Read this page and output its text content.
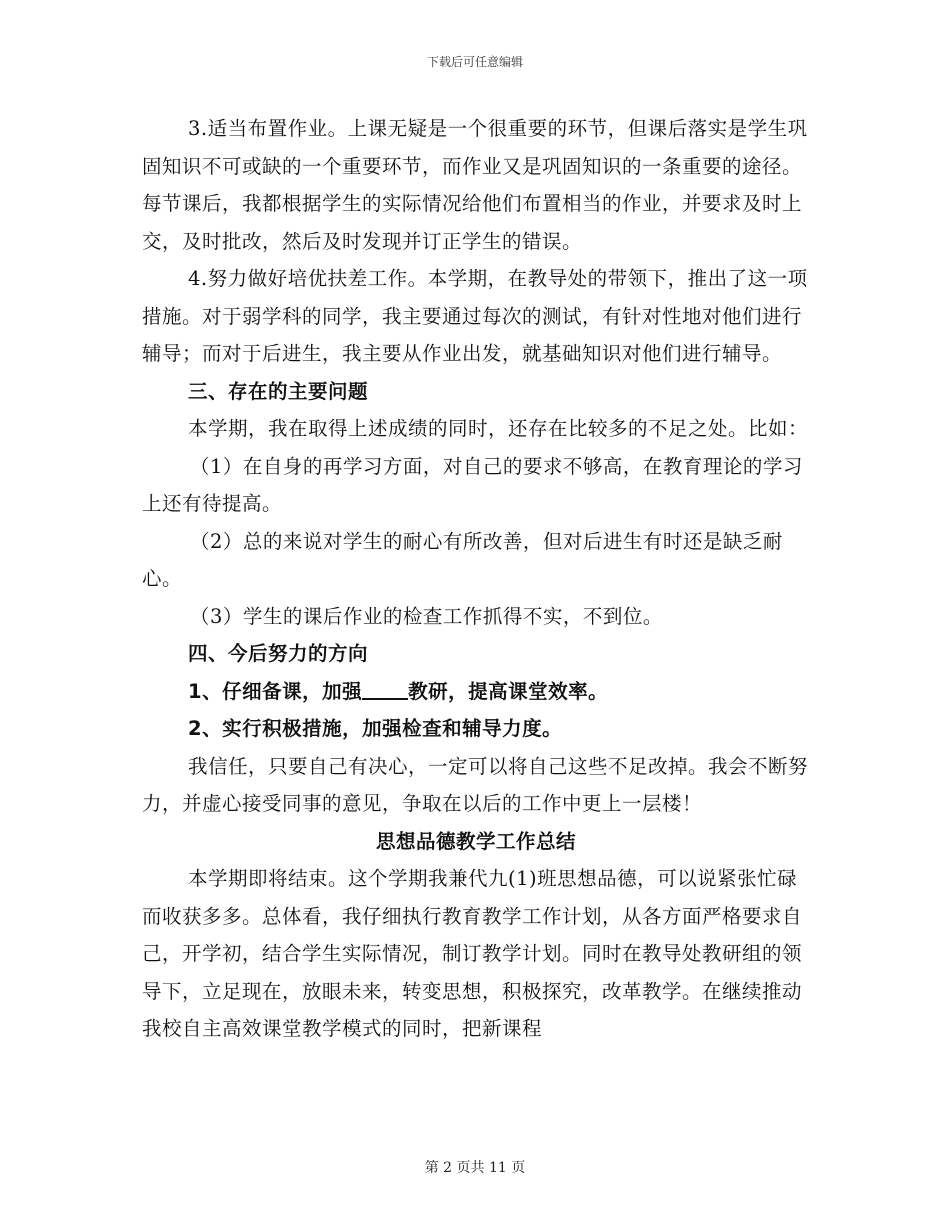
下载后可任意编辑

3.适当布置作业。上课无疑是一个很重要的环节，但课后落实是学生巩固知识不可或缺的一个重要环节，而作业又是巩固知识的一条重要的途径。每节课后，我都根据学生的实际情况给他们布置相当的作业，并要求及时上交，及时批改，然后及时发现并订正学生的错误。

4.努力做好培优扶差工作。本学期，在教导处的带领下，推出了这一项措施。对于弱学科的同学，我主要通过每次的测试，有针对性地对他们进行辅导；而对于后进生，我主要从作业出发，就基础知识对他们进行辅导。

三、存在的主要问题

本学期，我在取得上述成绩的同时，还存在比较多的不足之处。比如：

（1）在自身的再学习方面，对自己的要求不够高，在教育理论的学习上还有待提高。

（2）总的来说对学生的耐心有所改善，但对后进生有时还是缺乏耐心。

（3）学生的课后作业的检查工作抓得不实，不到位。

四、今后努力的方向

1、仔细备课，加强 教研，提高课堂效率。

2、实行积极措施，加强检查和辅导力度。

我信任，只要自己有决心，一定可以将自己这些不足改掉。我会不断努力，并虚心接受同事的意见，争取在以后的工作中更上一层楼！

思想品德教学工作总结

本学期即将结束。这个学期我兼代九(1)班思想品德，可以说紧张忙碌而收获多多。总体看，我仔细执行教育教学工作计划，从各方面严格要求自己，开学初，结合学生实际情况，制订教学计划。同时在教导处教研组的领导下，立足现在，放眼未来，转变思想，积极探究，改革教学。在继续推动我校自主高效课堂教学模式的同时，把新课程

第 2 页共 11 页
